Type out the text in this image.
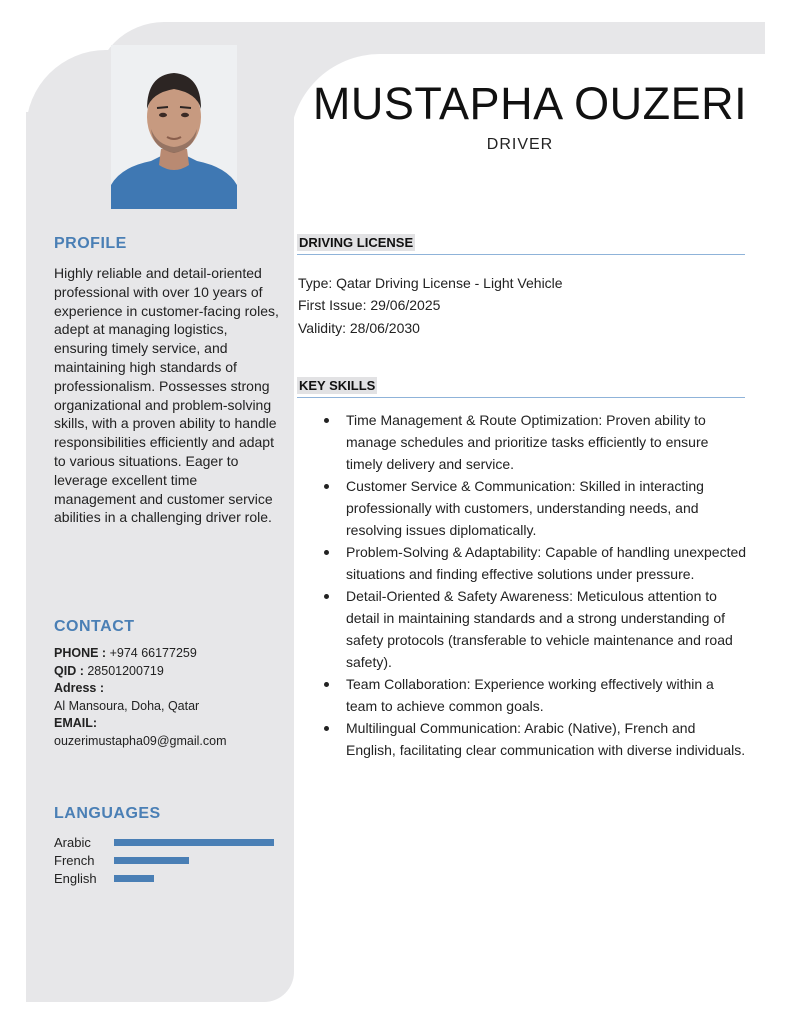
MUSTAPHA OUZERI
DRIVER
PROFILE
Highly reliable and detail-oriented professional with over 10 years of experience in customer-facing roles, adept at managing logistics, ensuring timely service, and maintaining high standards of professionalism. Possesses strong organizational and problem-solving skills, with a proven ability to handle responsibilities efficiently and adapt to various situations. Eager to leverage excellent time management and customer service abilities in a challenging driver role.
CONTACT
PHONE : +974 66177259
QID : 28501200719
Adress :
Al Mansoura, Doha, Qatar
EMAIL:
ouzerimustapha09@gmail.com
LANGUAGES
Arabic
French
English
DRIVING LICENSE
Type: Qatar Driving License - Light Vehicle
First Issue: 29/06/2025
Validity: 28/06/2030
KEY SKILLS
Time Management & Route Optimization: Proven ability to manage schedules and prioritize tasks efficiently to ensure timely delivery and service.
Customer Service & Communication: Skilled in interacting professionally with customers, understanding needs, and resolving issues diplomatically.
Problem-Solving & Adaptability: Capable of handling unexpected situations and finding effective solutions under pressure.
Detail-Oriented & Safety Awareness: Meticulous attention to detail in maintaining standards and a strong understanding of safety protocols (transferable to vehicle maintenance and road safety).
Team Collaboration: Experience working effectively within a team to achieve common goals.
Multilingual Communication: Arabic (Native), French and English, facilitating clear communication with diverse individuals.
